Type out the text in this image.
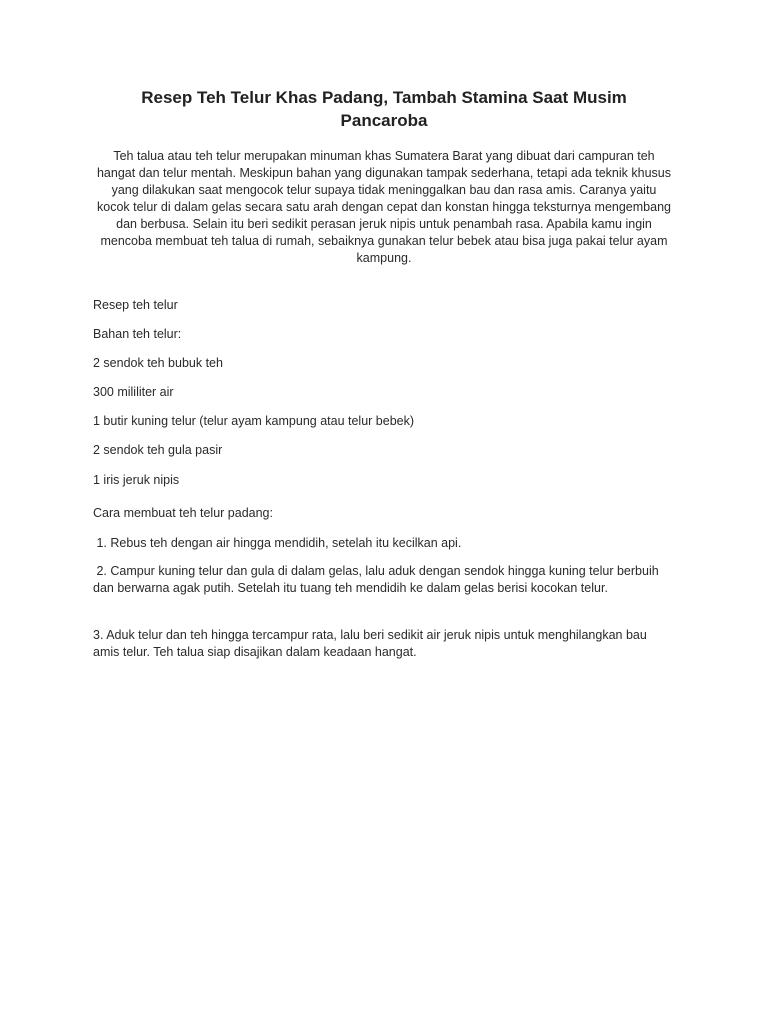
Resep Teh Telur Khas Padang, Tambah Stamina Saat Musim Pancaroba

Teh talua atau teh telur merupakan minuman khas Sumatera Barat yang dibuat dari campuran teh hangat dan telur mentah. Meskipun bahan yang digunakan tampak sederhana, tetapi ada teknik khusus yang dilakukan saat mengocok telur supaya tidak meninggalkan bau dan rasa amis. Caranya yaitu kocok telur di dalam gelas secara satu arah dengan cepat dan konstan hingga teksturnya mengembang dan berbusa. Selain itu beri sedikit perasan jeruk nipis untuk penambah rasa. Apabila kamu ingin mencoba membuat teh talua di rumah, sebaiknya gunakan telur bebek atau bisa juga pakai telur ayam kampung.

Resep teh telur

Bahan teh telur:

2 sendok teh bubuk teh

300 mililiter air

1 butir kuning telur (telur ayam kampung atau telur bebek)

2 sendok teh gula pasir

1 iris jeruk nipis

Cara membuat teh telur padang:

1. Rebus teh dengan air hingga mendidih, setelah itu kecilkan api.

2. Campur kuning telur dan gula di dalam gelas, lalu aduk dengan sendok hingga kuning telur berbuih dan berwarna agak putih. Setelah itu tuang teh mendidih ke dalam gelas berisi kocokan telur.

3. Aduk telur dan teh hingga tercampur rata, lalu beri sedikit air jeruk nipis untuk menghilangkan bau amis telur. Teh talua siap disajikan dalam keadaan hangat.
